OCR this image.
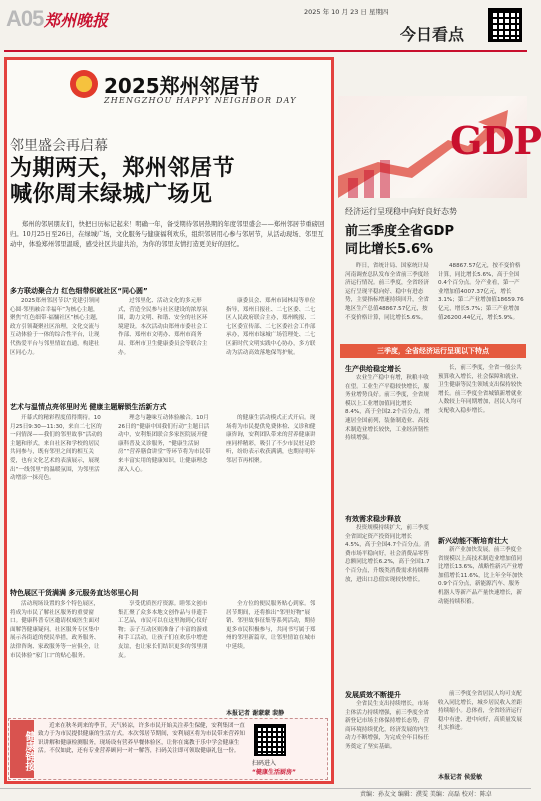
A05 郑州晚报	2025 年 10 月 23 日 星期四
今日看点
2025郑州邻居节
ZHENGZHOU HAPPY NEIGHBOR DAY
邻里盛会再启幕
为期两天，郑州邻居节
喊你周末绿城广场见
郑州的邻居朋友们，快把日历标记起来！明确一年，备受期待邻居热期的年度邻里盛会——郑州邻居节重磅回归。10月25日至26日，在绿城广场，文化服务与健康福利欢乐，组织邻居用心参与邻居节，从活动现场、邻里互动中，体验郑州邻里温暖，感受社区共建共治，为你的邻里友情打造更美好的回忆。
多方联动聚合力 红色细带织就社区“同心圆”
2025郑州邻居节以“党建引领同心圆·邻里融合幸福年”为核心主题，聚焦“红色细带·福慵社区”核心主题，政方引领凝聚社区治理，文化交流与互动体验于一体的综合性平台，让现代热爱平台与邻里情谊直通，构建社区同心力。
过邻里化、活动文化的多元形式，营造全民参与社区建设的浓厚氛围，助力文明、和谐、安全的社区环境建设。本次活动由郑州市委社会工作部、郑州市文明办、郑州市商务局、郑州市卫生健康委员会等联合主办。
康委员会、郑州市园林局等单位指导，郑州日报社、二七区委、二七区人民政府联合主办，郑州晚报、二七区委宣传部、二七区委社会工作部承办，郑州市绿城广场管理处、二七区新时代文明实践中心协办，多方联动为活动高效落地保驾护航。
艺术与温情点亮邻里时光 健康主题解锁生活新方式
开幕式的精彩程度值得期待。10月25日9:30—11:30，来自二七区的一问情深——我们的邻里故事”活动的主题和形式，来自社区和学校的居民共同参与，既有邻里之间的相互关爱，也有文化艺术的表演展示，展现出“一线邻里”的温暖氛围，为邻里活动增添一抹亮色。
理念与趣味互动体验融合。10月26日的“健康中国我们行动”主题日活动中，安利集团联合多家医院展开健康科普及义诊服务，“健康生活厨房”“营养膳食讲堂”等环节将为市民带来丰富实用的健康知识，让健康理念深入人心。
的健康生活动模式正式开启。现场将为市民提供免费体检、义诊和健康咨询，安利团队带来的营养健康讲座同样精彩，吸引了不少市民驻足聆听，纷纷表示收获满满，也期待明年邻居节再相聚。
特色展区干货满满 多元服务直达邻里心间
活动现场设置的多个特色展区，将成为市民了解社区服务的重要窗口。健康科普专区邀请权威医生面对面解答健康疑问，社区服务专区集中展示各街道的便民举措，政务服务、法律咨询、家政服务等一应俱全，让市民体验“家门口”的贴心服务。
享受优质医疗资源。睦邻文创市集汇聚了众多本地文创作品与非遗手工艺品，市民可以在这里淘到心仪好物；亲子互动区则准备了丰富的游戏和手工活动，让孩子们在欢乐中增进友谊，也让家长们结识更多的邻里朋友。
全方位的便民服务贴心到家。邻居节期间，还将推出“邻里好物”展销、邻里故事征集等系列活动，期待更多市民积极参与，共同书写属于郑州的邻里新篇章，让邻里情谊在城市中延续。
本报记者 谢蒙蒙 裴静
健康链接
近来在秋冬到来的季节，天气转凉，许多市民开始关注养生保健，安利集团一直致力于为市民提供健康的生活方式。本次邻居节期间，安利展区将为市民带来营养知识讲解和健康检测服务，现场设有营养早餐体验区，让你在寓教于乐中学会健康生活。不仅如此，还有专业营养顾问一对一解答，扫码关注即可领取健康礼包一份。
扫码进入
“健康生活厨房”
GDP
经济运行呈现稳中向好良好态势
前三季度全省GDP
同比增长5.6%
昨日，省统计局、国家统计局河南调查总队发布全省前三季度经济运行情况。前三季度，全省经济运行呈现平稳向好、稳中有进态势，主要指标增速持续回升，全省地区生产总值48867.57亿元，按不变价格计算，同比增长5.6%。
48867.57亿元，按不变价格计算，同比增长5.6%，高于全国0.4个百分点。分产业看，第一产业增加值4007.37亿元，增长3.1%；第二产业增加值18659.76亿元，增长5.7%；第三产业增加值26200.44亿元，增长5.9%。
三季度，全省经济运行呈现以下特点
生产供给稳定增长
农业生产稳中有增，秋粮丰收在望。工业生产平稳较快增长，服务业增势良好。前三季度，全省规模以上工业增加值同比增长8.4%，高于全国2.2个百分点，增速居全国前列，装备制造业、高技术制造业增长较快，工业经济韧性持续增强。
长，前三季度，全省一般公共预算收入增长，社会保障和就业、卫生健康等民生领域支出保持较快增长。前三季度全省城镇新增就业人数较上年同期增加，居民人均可支配收入稳步增长。
有效需求稳步释放
投资规模持续扩大，前三季度全省固定资产投资同比增长4.5%，高于全国4.7个百分点。消费市场平稳向好，社会消费品零售总额同比增长6.2%，高于全国1.7个百分点，升级类消费需求持续释放，进出口总值实现较快增长。
新兴动能不断培育壮大
新产业加快发展，前三季度全省规模以上高技术制造业增加值同比增长13.6%，战略性新兴产业增加值增长11.6%，比上年全年加快0.9个百分点，新能源汽车、服务机器人等新产品产量快速增长，新动能持续积蓄。
发展质效不断提升
全省民生支出持续增长，市场主体活力持续增强，前三季度全省新登记市场主体保持增长态势，营商环境持续优化，经济发展的内生动力不断增强，为完成全年目标任务奠定了坚实基础。
前三季度全省居民人均可支配收入同比增长，城乡居民收入差距持续缩小。总体看，全省经济运行稳中有进、进中向好，高质量发展扎实推进。
本报记者 侯爱敏
责编：孙友文 编辑：濮雯 美编：高磊 校对：陈卓
